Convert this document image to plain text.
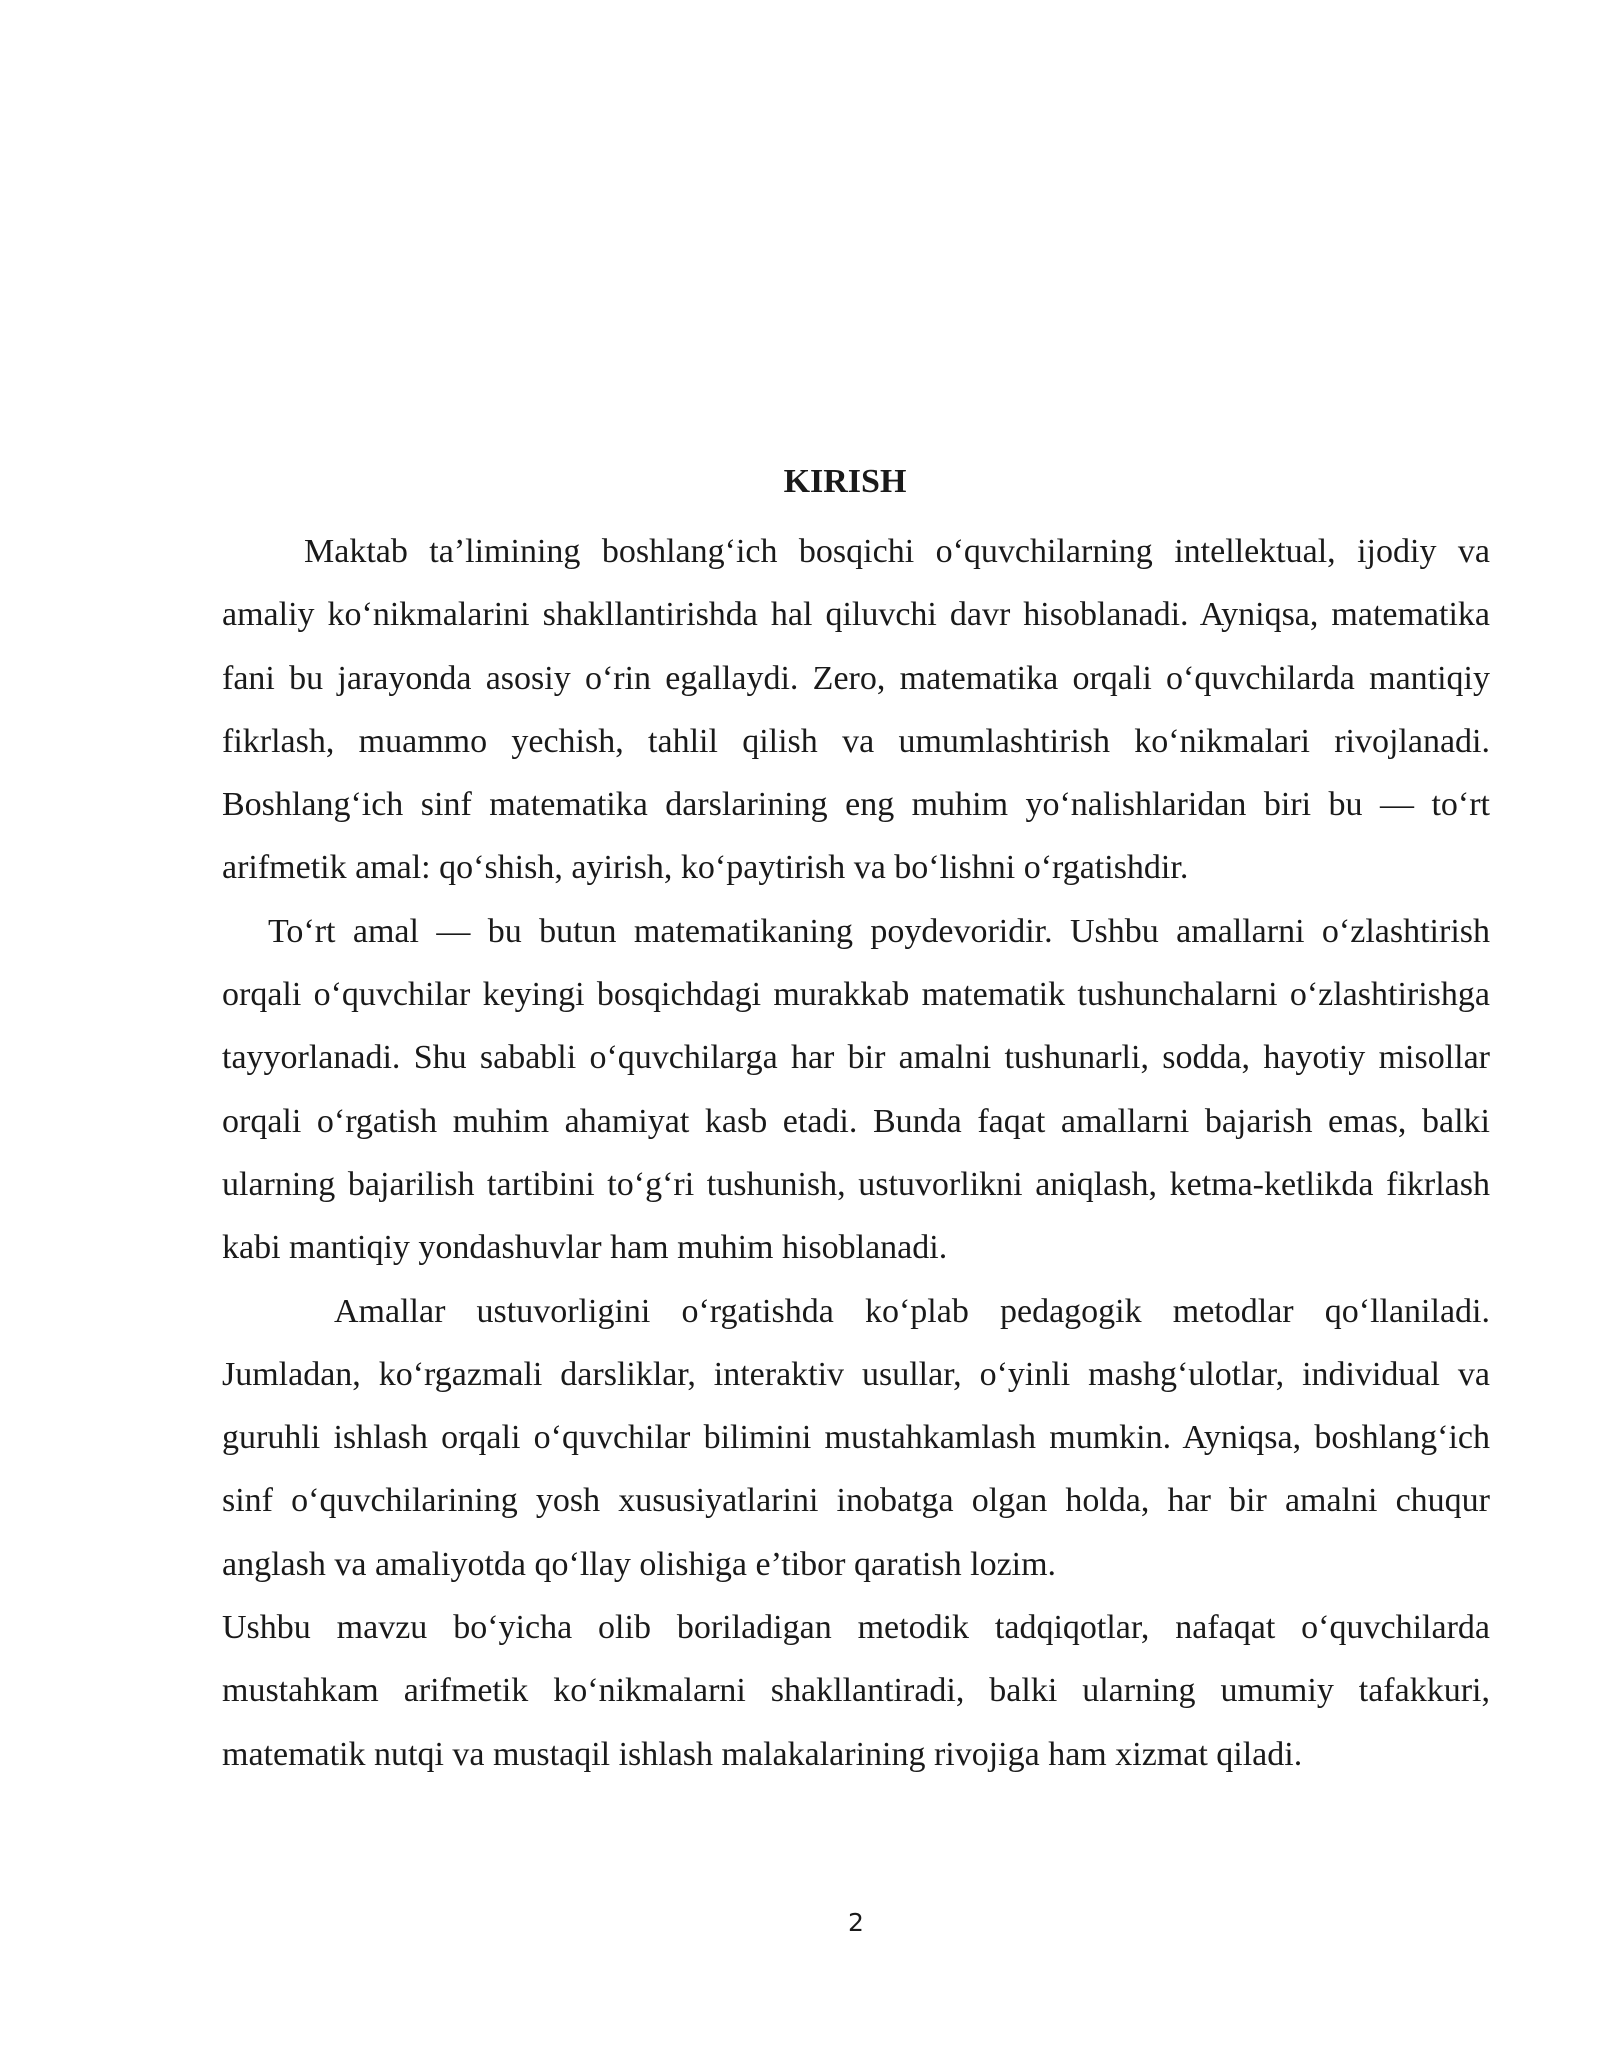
KIRISH

Maktab ta’limining boshlang‘ich bosqichi o‘quvchilarning intellektual, ijodiy va amaliy ko‘nikmalarini shakllantirishda hal qiluvchi davr hisoblanadi. Ayniqsa, matematika fani bu jarayonda asosiy o‘rin egallaydi. Zero, matematika orqali o‘quvchilarda mantiqiy fikrlash, muammo yechish, tahlil qilish va umumlashtirish ko‘nikmalari rivojlanadi. Boshlang‘ich sinf matematika darslarining eng muhim yo‘nalishlaridan biri bu — to‘rt arifmetik amal: qo‘shish, ayirish, ko‘paytirish va bo‘lishni o‘rgatishdir.

To‘rt amal — bu butun matematikaning poydevoridir. Ushbu amallarni o‘zlashtirish orqali o‘quvchilar keyingi bosqichdagi murakkab matematik tushunchalarni o‘zlashtirishga tayyorlanadi. Shu sababli o‘quvchilarga har bir amalni tushunarli, sodda, hayotiy misollar orqali o‘rgatish muhim ahamiyat kasb etadi. Bunda faqat amallarni bajarish emas, balki ularning bajarilish tartibini to‘g‘ri tushunish, ustuvorlikni aniqlash, ketma-ketlikda fikrlash kabi mantiqiy yondashuvlar ham muhim hisoblanadi.

Amallar ustuvorligini o‘rgatishda ko‘plab pedagogik metodlar qo‘llaniladi. Jumladan, ko‘rgazmali darsliklar, interaktiv usullar, o‘yinli mashg‘ulotlar, individual va guruhli ishlash orqali o‘quvchilar bilimini mustahkamlash mumkin. Ayniqsa, boshlang‘ich sinf o‘quvchilarining yosh xususiyatlarini inobatga olgan holda, har bir amalni chuqur anglash va amaliyotda qo‘llay olishiga e’tibor qaratish lozim.

Ushbu mavzu bo‘yicha olib boriladigan metodik tadqiqotlar, nafaqat o‘quvchilarda mustahkam arifmetik ko‘nikmalarni shakllantiradi, balki ularning umumiy tafakkuri, matematik nutqi va mustaqil ishlash malakalarining rivojiga ham xizmat qiladi.

2
